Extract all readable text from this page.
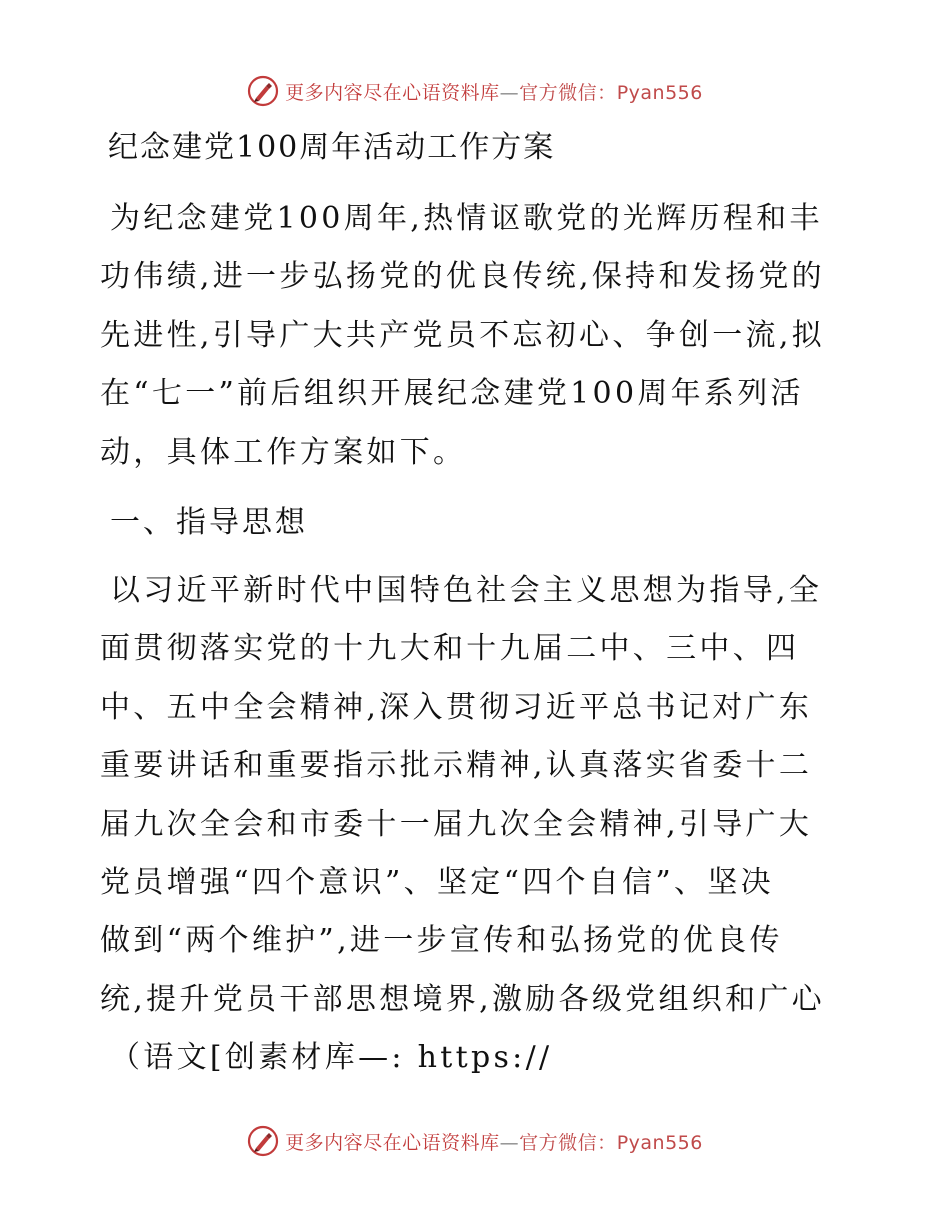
更多内容尽在心语资料库—官方微信：Pyan556
纪念建党100周年活动工作方案
为纪念建党100周年,热情讴歌党的光辉历程和丰
功伟绩,进一步弘扬党的优良传统,保持和发扬党的
先进性,引导广大共产党员不忘初心、争创一流,拟
在“七一”前后组织开展纪念建党100周年系列活
动，具体工作方案如下。
一、指导思想
以习近平新时代中国特色社会主义思想为指导,全
面贯彻落实党的十九大和十九届二中、三中、四
中、五中全会精神,深入贯彻习近平总书记对广东
重要讲话和重要指示批示精神,认真落实省委十二
届九次全会和市委十一届九次全会精神,引导广大
党员增强“四个意识”、坚定“四个自信”、坚决
做到“两个维护”,进一步宣传和弘扬党的优良传
统,提升党员干部思想境界,激励各级党组织和广心
（语文[创素材库—: https://
更多内容尽在心语资料库—官方微信：Pyan556
